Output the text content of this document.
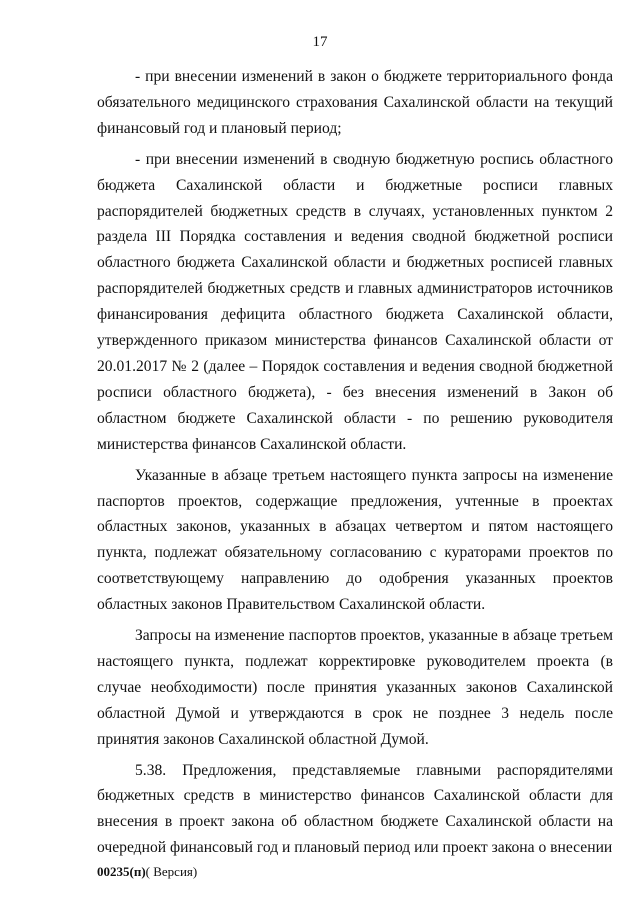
17

- при внесении изменений в закон о бюджете территориального фонда обязательного медицинского страхования Сахалинской области на текущий финансовый год и плановый период;

- при внесении изменений в сводную бюджетную роспись областного бюджета Сахалинской области и бюджетные росписи главных распорядителей бюджетных средств в случаях, установленных пунктом 2 раздела III Порядка составления и ведения сводной бюджетной росписи областного бюджета Сахалинской области и бюджетных росписей главных распорядителей бюджетных средств и главных администраторов источников финансирования дефицита областного бюджета Сахалинской области, утвержденного приказом министерства финансов Сахалинской области от 20.01.2017 № 2 (далее – Порядок составления и ведения сводной бюджетной росписи областного бюджета), - без внесения изменений в Закон об областном бюджете Сахалинской области - по решению руководителя министерства финансов Сахалинской области.

Указанные в абзаце третьем настоящего пункта запросы на изменение паспортов проектов, содержащие предложения, учтенные в проектах областных законов, указанных в абзацах четвертом и пятом настоящего пункта, подлежат обязательному согласованию с кураторами проектов по соответствующему направлению до одобрения указанных проектов областных законов Правительством Сахалинской области.

Запросы на изменение паспортов проектов, указанные в абзаце третьем настоящего пункта, подлежат корректировке руководителем проекта (в случае необходимости) после принятия указанных законов Сахалинской областной Думой и утверждаются в срок не позднее 3 недель после принятия законов Сахалинской областной Думой.

5.38. Предложения, представляемые главными распорядителями бюджетных средств в министерство финансов Сахалинской области для внесения в проект закона об областном бюджете Сахалинской области на очередной финансовый год и плановый период или проект закона о внесении

00235(п)( Версия)
